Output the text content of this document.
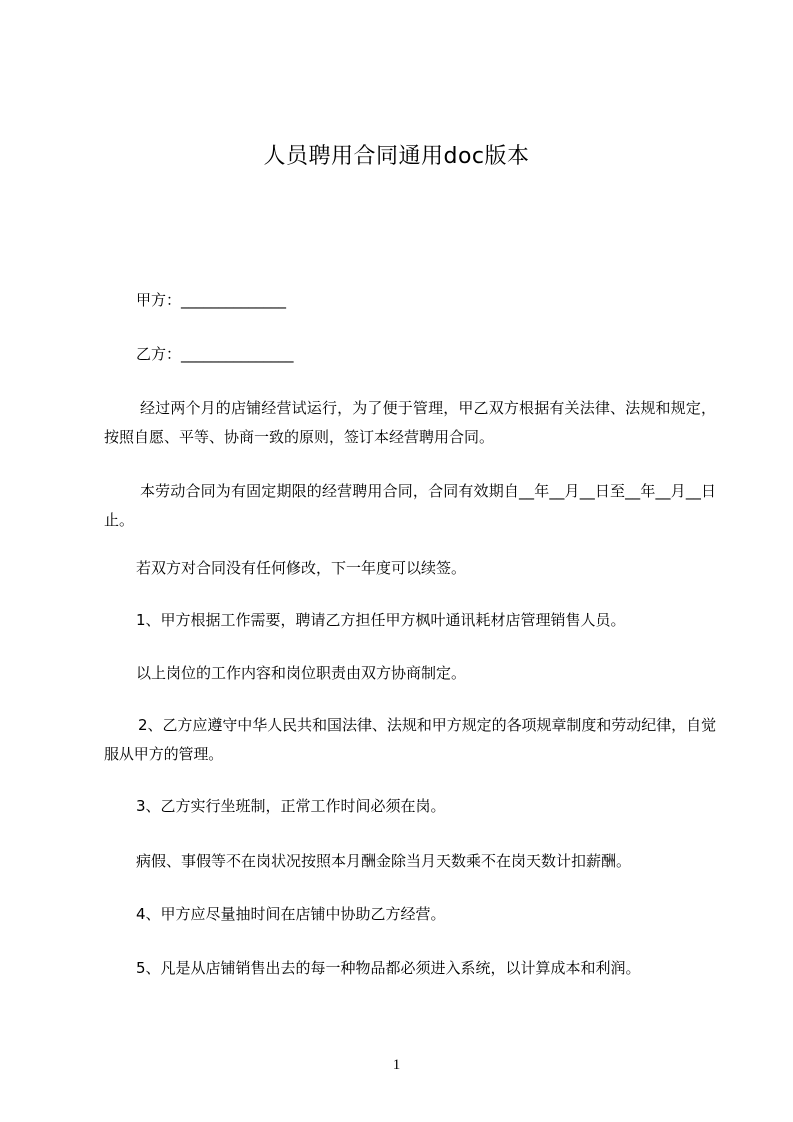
人员聘用合同通用doc版本
甲方：______________
乙方：_______________
经过两个月的店铺经营试运行，为了便于管理，甲乙双方根据有关法律、法规和规定，按照自愿、平等、协商一致的原则，签订本经营聘用合同。
本劳动合同为有固定期限的经营聘用合同，合同有效期自__年__月__日至__年__月__日止。
若双方对合同没有任何修改，下一年度可以续签。
1、甲方根据工作需要，聘请乙方担任甲方枫叶通讯耗材店管理销售人员。
以上岗位的工作内容和岗位职责由双方协商制定。
2、乙方应遵守中华人民共和国法律、法规和甲方规定的各项规章制度和劳动纪律，自觉服从甲方的管理。
3、乙方实行坐班制，正常工作时间必须在岗。
病假、事假等不在岗状况按照本月酬金除当月天数乘不在岗天数计扣薪酬。
4、甲方应尽量抽时间在店铺中协助乙方经营。
5、凡是从店铺销售出去的每一种物品都必须进入系统，以计算成本和利润。
1
